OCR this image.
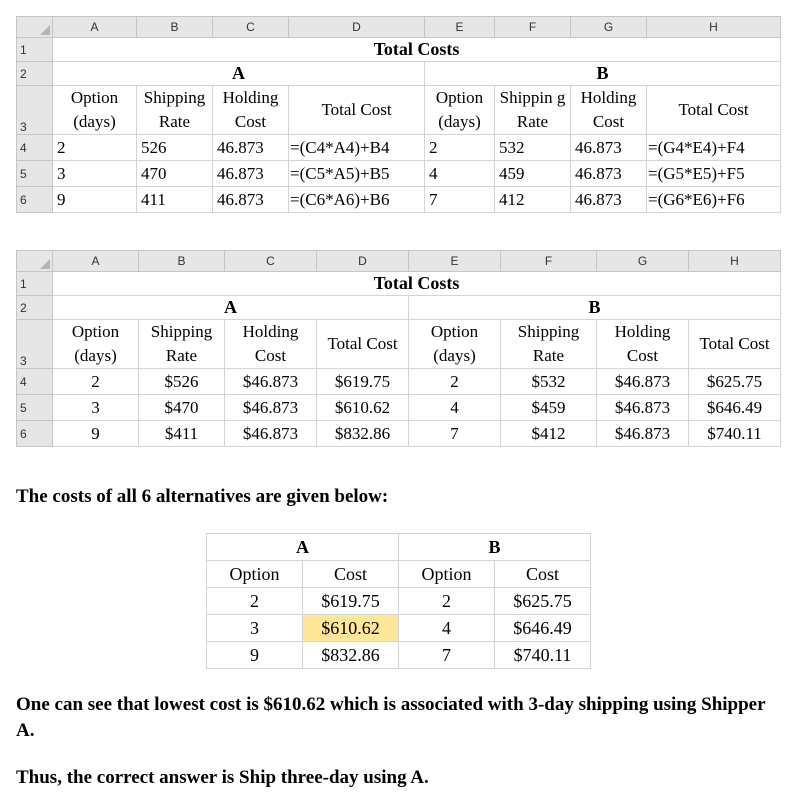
	A	B	C	D	E	F	G	H
1	Total Costs							
2	A				B			
3	Option (days)	Shipping Rate	Holding Cost	Total Cost	Option (days)	Shippin g Rate	Holding Cost	Total Cost
4	2	526	46.873	=(C4*A4)+B4	2	532	46.873	=(G4*E4)+F4
5	3	470	46.873	=(C5*A5)+B5	4	459	46.873	=(G5*E5)+F5
6	9	411	46.873	=(C6*A6)+B6	7	412	46.873	=(G6*E6)+F6
	A	B	C	D	E	F	G	H
1	Total Costs							
2	A				B			
3	Option (days)	Shipping Rate	Holding Cost	Total Cost	Option (days)	Shipping Rate	Holding Cost	Total Cost
4	2	$526	$46.873	$619.75	2	$532	$46.873	$625.75
5	3	$470	$46.873	$610.62	4	$459	$46.873	$646.49
6	9	$411	$46.873	$832.86	7	$412	$46.873	$740.11

The costs of all 6 alternatives are given below:

A		B	
Option	Cost	Option	Cost
2	$619.75	2	$625.75
3	$610.62	4	$646.49
9	$832.86	7	$740.11

One can see that lowest cost is $610.62 which is associated with 3-day shipping using Shipper A.

Thus, the correct answer is Ship three-day using A.
